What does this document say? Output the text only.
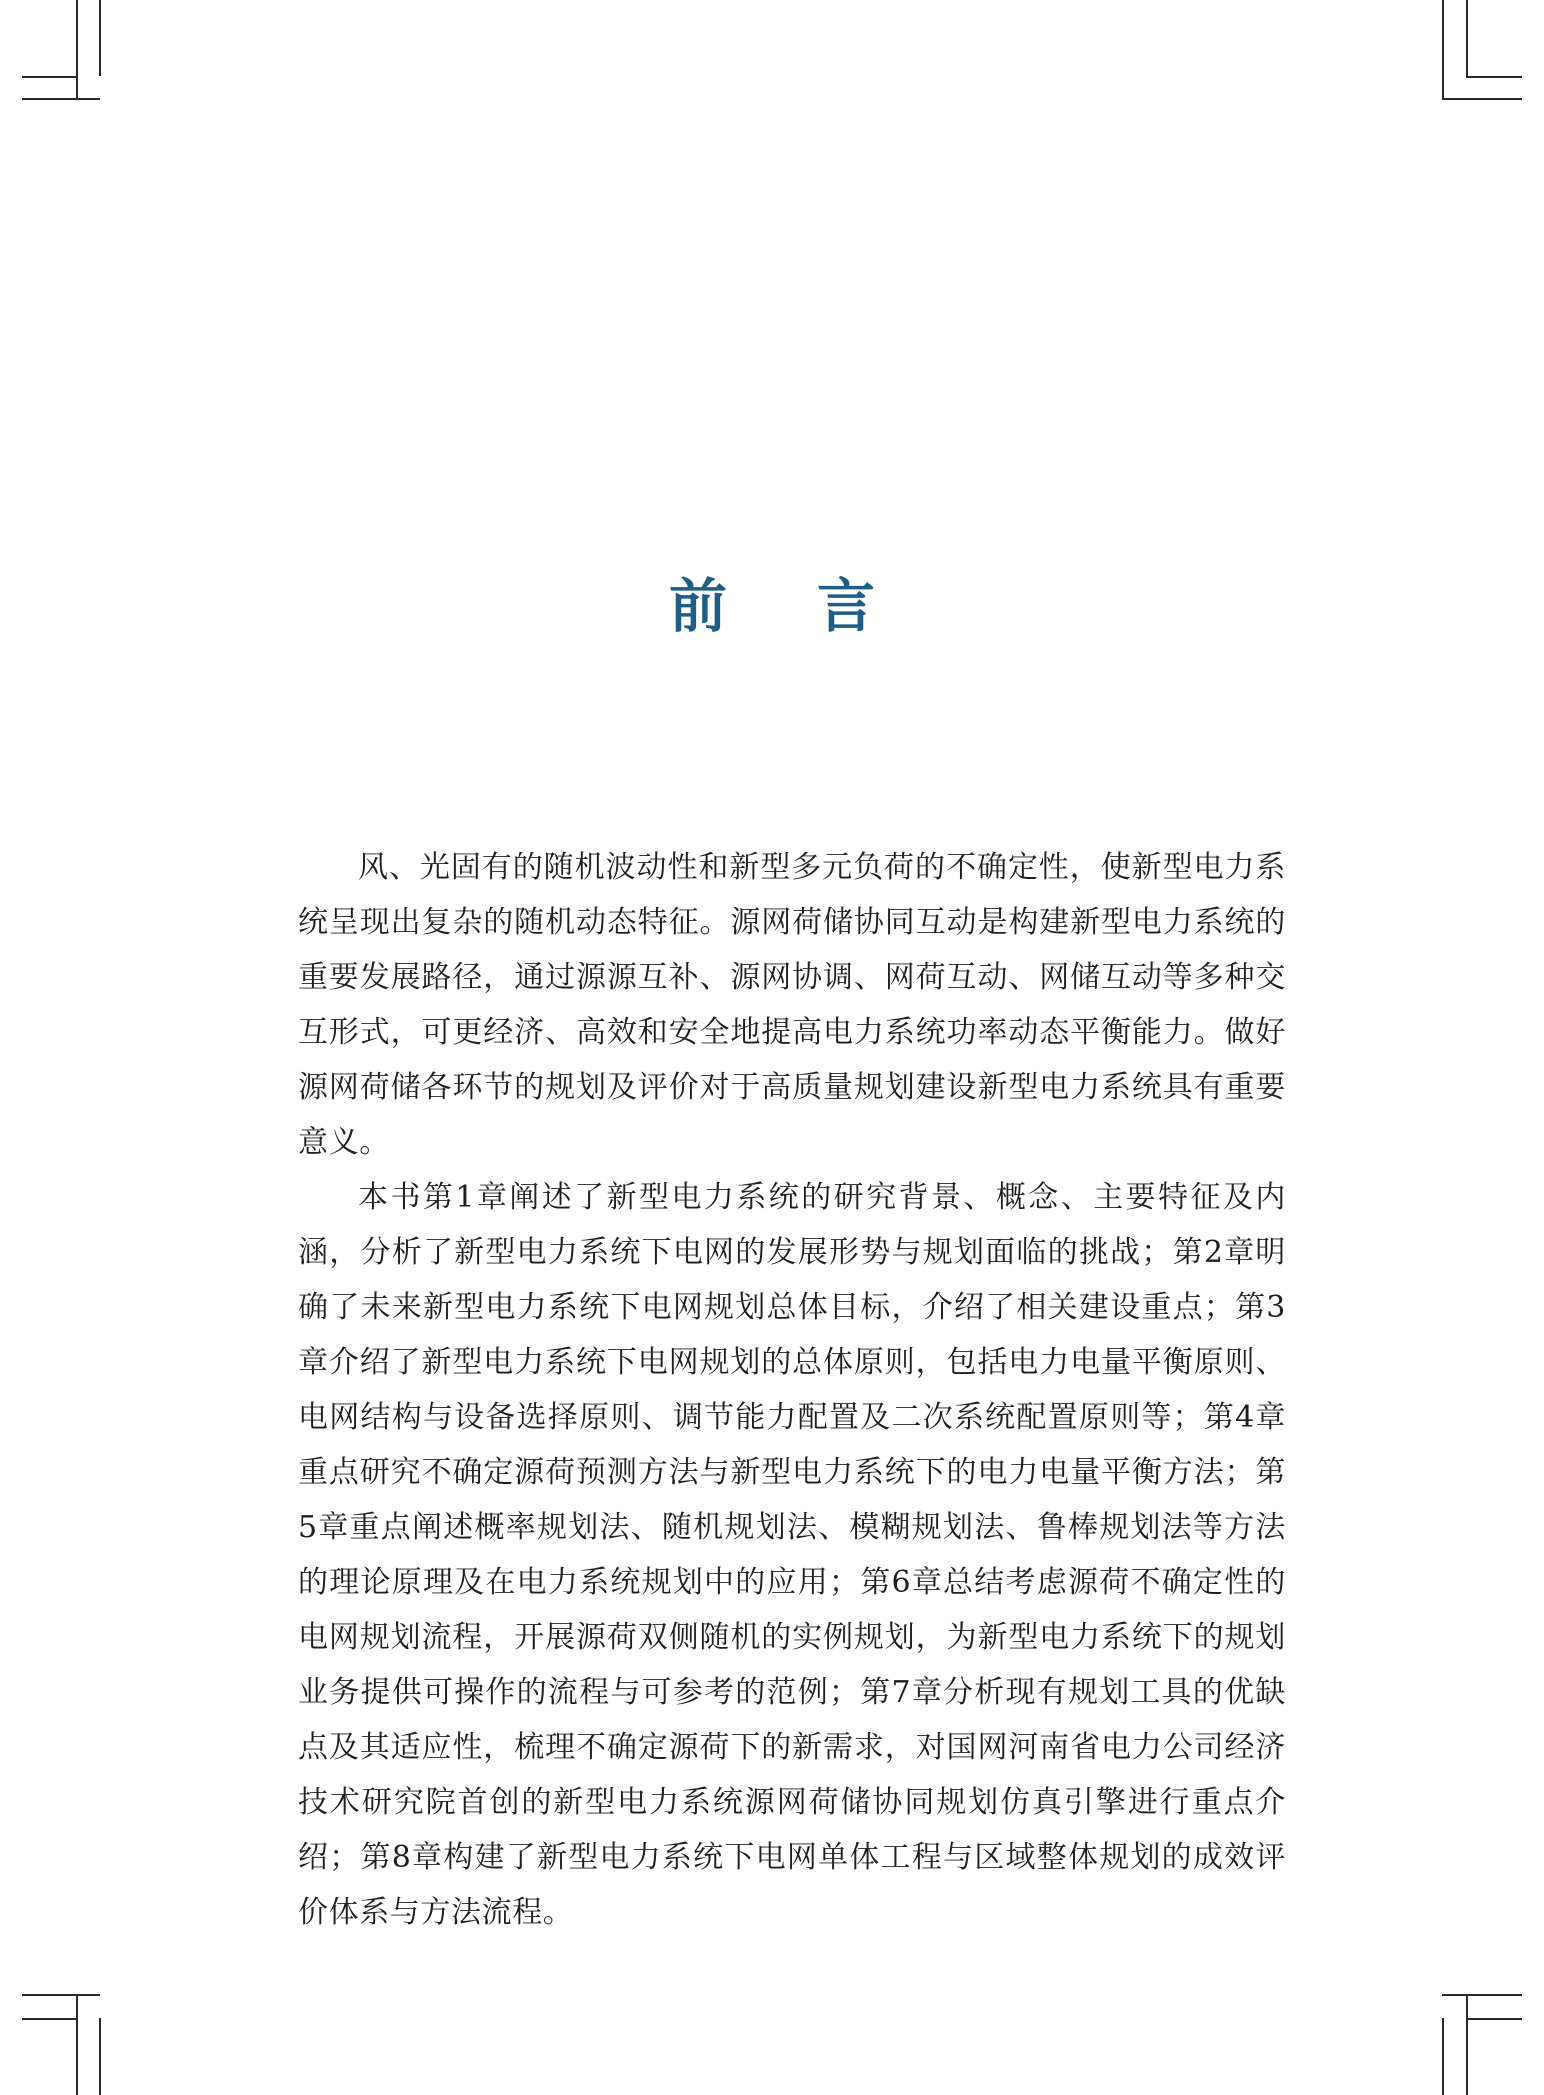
前 言

风、光固有的随机波动性和新型多元负荷的不确定性，使新型电力系统呈现出复杂的随机动态特征。源网荷储协同互动是构建新型电力系统的重要发展路径，通过源源互补、源网协调、网荷互动、网储互动等多种交互形式，可更经济、高效和安全地提高电力系统功率动态平衡能力。做好源网荷储各环节的规划及评价对于高质量规划建设新型电力系统具有重要意义。

本书第1章阐述了新型电力系统的研究背景、概念、主要特征及内涵，分析了新型电力系统下电网的发展形势与规划面临的挑战；第2章明确了未来新型电力系统下电网规划总体目标，介绍了相关建设重点；第3章介绍了新型电力系统下电网规划的总体原则，包括电力电量平衡原则、电网结构与设备选择原则、调节能力配置及二次系统配置原则等；第4章重点研究不确定源荷预测方法与新型电力系统下的电力电量平衡方法；第5章重点阐述概率规划法、随机规划法、模糊规划法、鲁棒规划法等方法的理论原理及在电力系统规划中的应用；第6章总结考虑源荷不确定性的电网规划流程，开展源荷双侧随机的实例规划，为新型电力系统下的规划业务提供可操作的流程与可参考的范例；第7章分析现有规划工具的优缺点及其适应性，梳理不确定源荷下的新需求，对国网河南省电力公司经济技术研究院首创的新型电力系统源网荷储协同规划仿真引擎进行重点介绍；第8章构建了新型电力系统下电网单体工程与区域整体规划的成效评价体系与方法流程。
